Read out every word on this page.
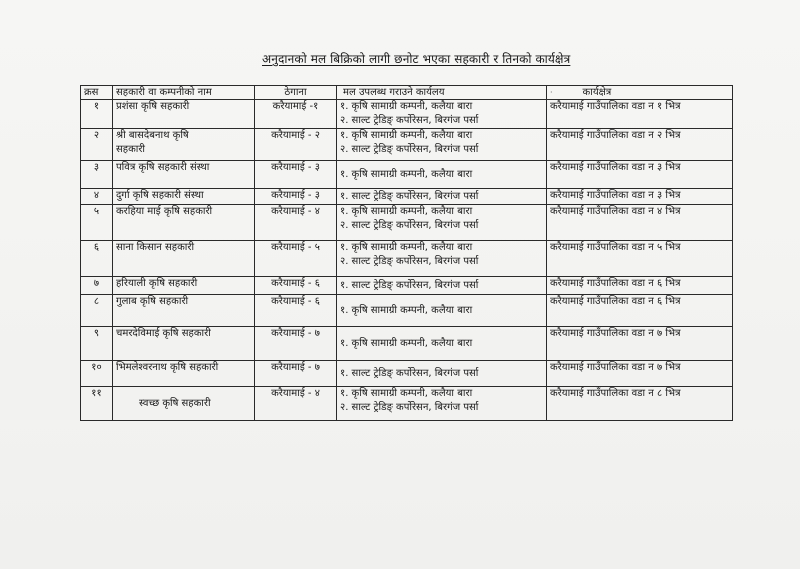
अनुदानको मल बिक्रिको लागी छनोट भएका सहकारी र तिनको कार्यक्षेत्र
क्रस	सहकारी वा कम्पनीको नाम	ठेगाना	मल उपलब्ध गराउने कार्यलय	· कार्यक्षेत्र
१	प्रशंसा कृषि सहकारी	करैयामाई -१	१. कृषि सामाग्री कम्पनी, कलैया बारा
२. साल्ट ट्रेडिङ् कर्पोरेसन, बिरगंज पर्सा	करैयामाई गाउँपालिका वडा न १ भित्र
२	श्री बासदेबनाथ कृषि
सहकारी	करैयामाई - २	१. कृषि सामाग्री कम्पनी, कलैया बारा
२. साल्ट ट्रेडिङ् कर्पोरेसन, बिरगंज पर्सा	करैयामाई गाउँपालिका वडा न २ भित्र
३	पवित्र कृषि सहकारी संस्था	करैयामाई - ३	१. कृषि सामाग्री कम्पनी, कलैया बारा	करैयामाई गाउँपालिका वडा न ३ भित्र
४	दुर्गा कृषि सहकारी संस्था	करैयामाई - ३	१. साल्ट ट्रेडिङ् कर्पोरेसन, बिरगंज पर्सा	करैयामाई गाउँपालिका वडा न ३ भित्र
५	करहिया माई कृषि सहकारी	करैयामाई - ४	१. कृषि सामाग्री कम्पनी, कलैया बारा
२. साल्ट ट्रेडिङ् कर्पोरेसन, बिरगंज पर्सा	करैयामाई गाउँपालिका वडा न ४ भित्र
६	साना किसान सहकारी	करैयामाई - ५	१. कृषि सामाग्री कम्पनी, कलैया बारा
२. साल्ट ट्रेडिङ् कर्पोरेसन, बिरगंज पर्सा	करैयामाई गाउँपालिका वडा न ५ भित्र
७	हरियाली कृषि सहकारी	करैयामाई - ६	१. साल्ट ट्रेडिङ् कर्पोरेसन, बिरगंज पर्सा	करैयामाई गाउँपालिका वडा न ६ भित्र
८	गुलाब कृषि सहकारी	करैयामाई - ६	१. कृषि सामाग्री कम्पनी, कलैया बारा	करैयामाई गाउँपालिका वडा न ६ भित्र
९	चमरदेविमाई कृषि सहकारी	करैयामाई - ७	१. कृषि सामाग्री कम्पनी, कलैया बारा	करैयामाई गाउँपालिका वडा न ७ भित्र
१०	भिमलेश्वरनाथ कृषि सहकारी	करैयामाई - ७	१. साल्ट ट्रेडिङ् कर्पोरेसन, बिरगंज पर्सा	करैयामाई गाउँपालिका वडा न ७ भित्र
११	स्वच्छ कृषि सहकारी	करैयामाई - ४	१. कृषि सामाग्री कम्पनी, कलैया बारा
२. साल्ट ट्रेडिङ् कर्पोरेसन, बिरगंज पर्सा	करैयामाई गाउँपालिका वडा न ८ भित्र
